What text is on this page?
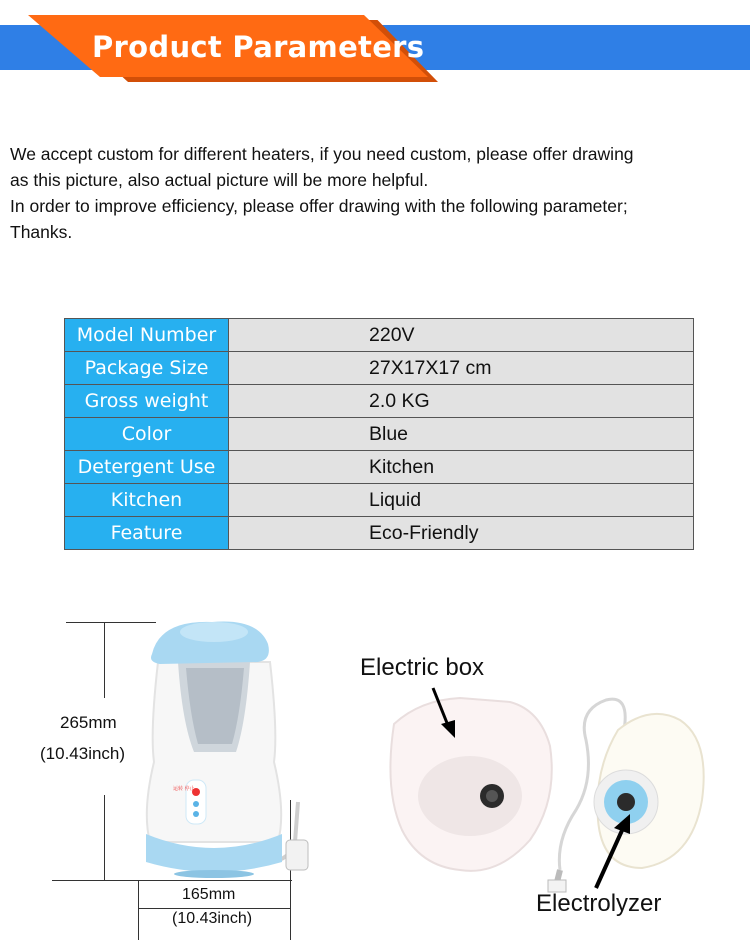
Product Parameters
We accept custom for different heaters, if you need custom, please offer drawing
as this picture, also actual picture will be more helpful.
In order to improve efficiency, please offer drawing with the following parameter;
Thanks.
Model Number	220V
Package Size	27X17X17 cm
Gross weight	2.0 KG
Color	Blue
Detergent Use	Kitchen
Kitchen	Liquid
Feature	Eco-Friendly
265mm
(10.43inch)
165mm
(10.43inch)
运转 停止
Electric box
Electrolyzer
